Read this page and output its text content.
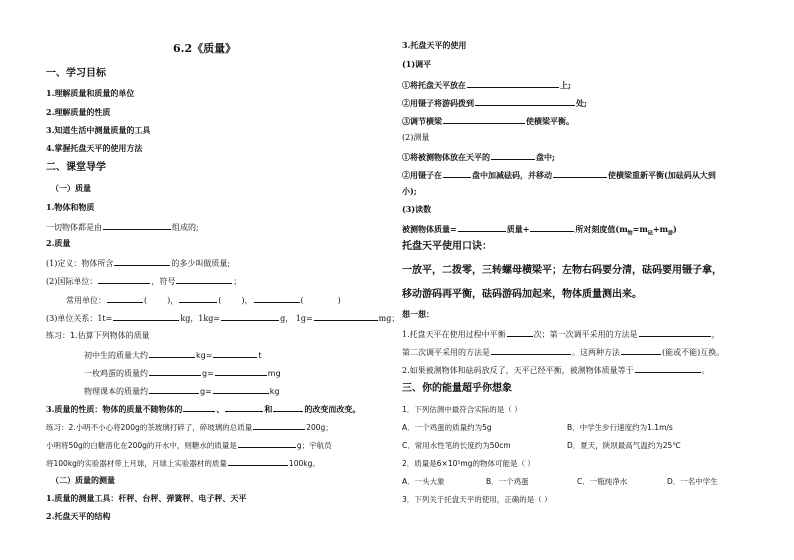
6.2《质量》
一、学习目标
1.理解质量和质量的单位
2.理解质量的性质
3.知道生活中测量质量的工具
4.掌握托盘天平的使用方法
二、课堂导学
（一）质量
1.物体和物质
一切物体都是由	组成的;
2.质量
(1)定义：物体所含	的多少叫做质量;
(2)国际单位：	，符号	；
常用单位：	(	)，	(	)，	(	)
(3)单位关系：1t=	kg，1kg=	g， 1g=	mg；
练习：1.估算下列物体的质量
初中生的质量大约	kg=	t
一枚鸡蛋的质量约	g=	mg
物理课本的质量约	g=	kg
3.质量的性质：物体的质量不随物体的	、	和	的改变而改变。
练习：2.小明不小心将200g的茶玻璃打碎了，碎玻璃的总质量	200g；
小明将50g的白糖溶化在200g的开水中，则糖水的质量是	g；宇航员
将100kg的实验器材带上月球，月球上实验器材的质量	100kg。
（二）质量的测量
1.质量的测量工具：杆秤、台秤、弹簧秤、电子秤、天平
2.托盘天平的结构
3.托盘天平的使用
(1)调平
①将托盘天平放在	上;
②用镊子将游码拨到	处;
③调节横梁	使横梁平衡。
(2)测量
①将被测物体放在天平的	盘中;
②用镊子在	盘中加减砝码，并移动	使横梁重新平衡(加砝码从大到
小);
(3)读数
被测物体质量=	质量+	所对刻度值$(m_物=m_砝+m_游)$
托盘天平使用口诀：
一放平，二拨零，三转螺母横梁平；左物右码要分清，砝码要用镊子拿，
移动游码再平衡，砝码游码加起来，物体质量测出来。
想一想：
1.托盘天平在使用过程中平衡	次；第一次调平采用的方法是	，
第二次调平采用的方法是	。这两种方法	(能或不能)互换。
2.如果被测物体和砝码放反了，天平已经平衡，被测物体质量等于	。
三、你的能量超乎你想象
1．下列估测中最符合实际的是（ ）
A．一个鸡蛋的质量约为5g	B．中学生步行速度约为1.1m/s
C．常用水性笔的长度约为50cm	D．夏天，陕坝最高气温约为25℃
2．质量是6×10⁵mg的物体可能是（ ）
A．一头大象	B．一个鸡蛋	C．一瓶纯净水	D．一名中学生
3．下列关于托盘天平的使用，正确的是（ ）
